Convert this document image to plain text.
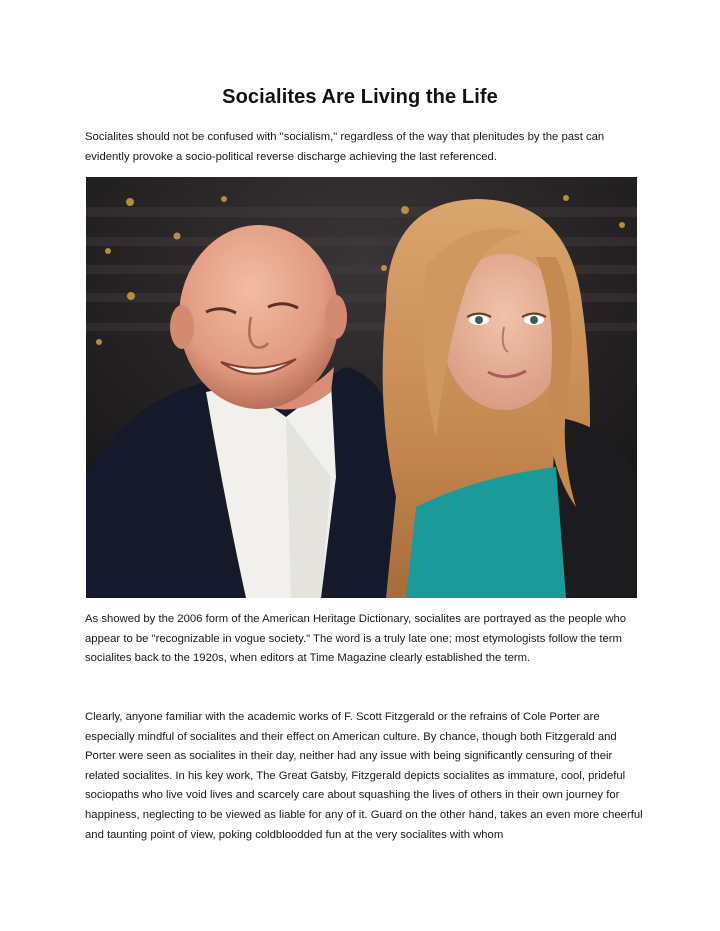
Socialites Are Living the Life

Socialites should not be confused with "socialism," regardless of the way that plenitudes by the past can evidently provoke a socio-political reverse discharge achieving the last referenced.

As showed by the 2006 form of the American Heritage Dictionary, socialites are portrayed as the people who appear to be "recognizable in vogue society." The word is a truly late one; most etymologists follow the term socialites back to the 1920s, when editors at Time Magazine clearly established the term.

Clearly, anyone familiar with the academic works of F. Scott Fitzgerald or the refrains of Cole Porter are especially mindful of socialites and their effect on American culture. By chance, though both Fitzgerald and Porter were seen as socialites in their day, neither had any issue with being significantly censuring of their related socialites. In his key work, The Great Gatsby, Fitzgerald depicts socialites as immature, cool, prideful sociopaths who live void lives and scarcely care about squashing the lives of others in their own journey for happiness, neglecting to be viewed as liable for any of it. Guard on the other hand, takes an even more cheerful and taunting point of view, poking coldbloodded fun at the very socialites with whom
